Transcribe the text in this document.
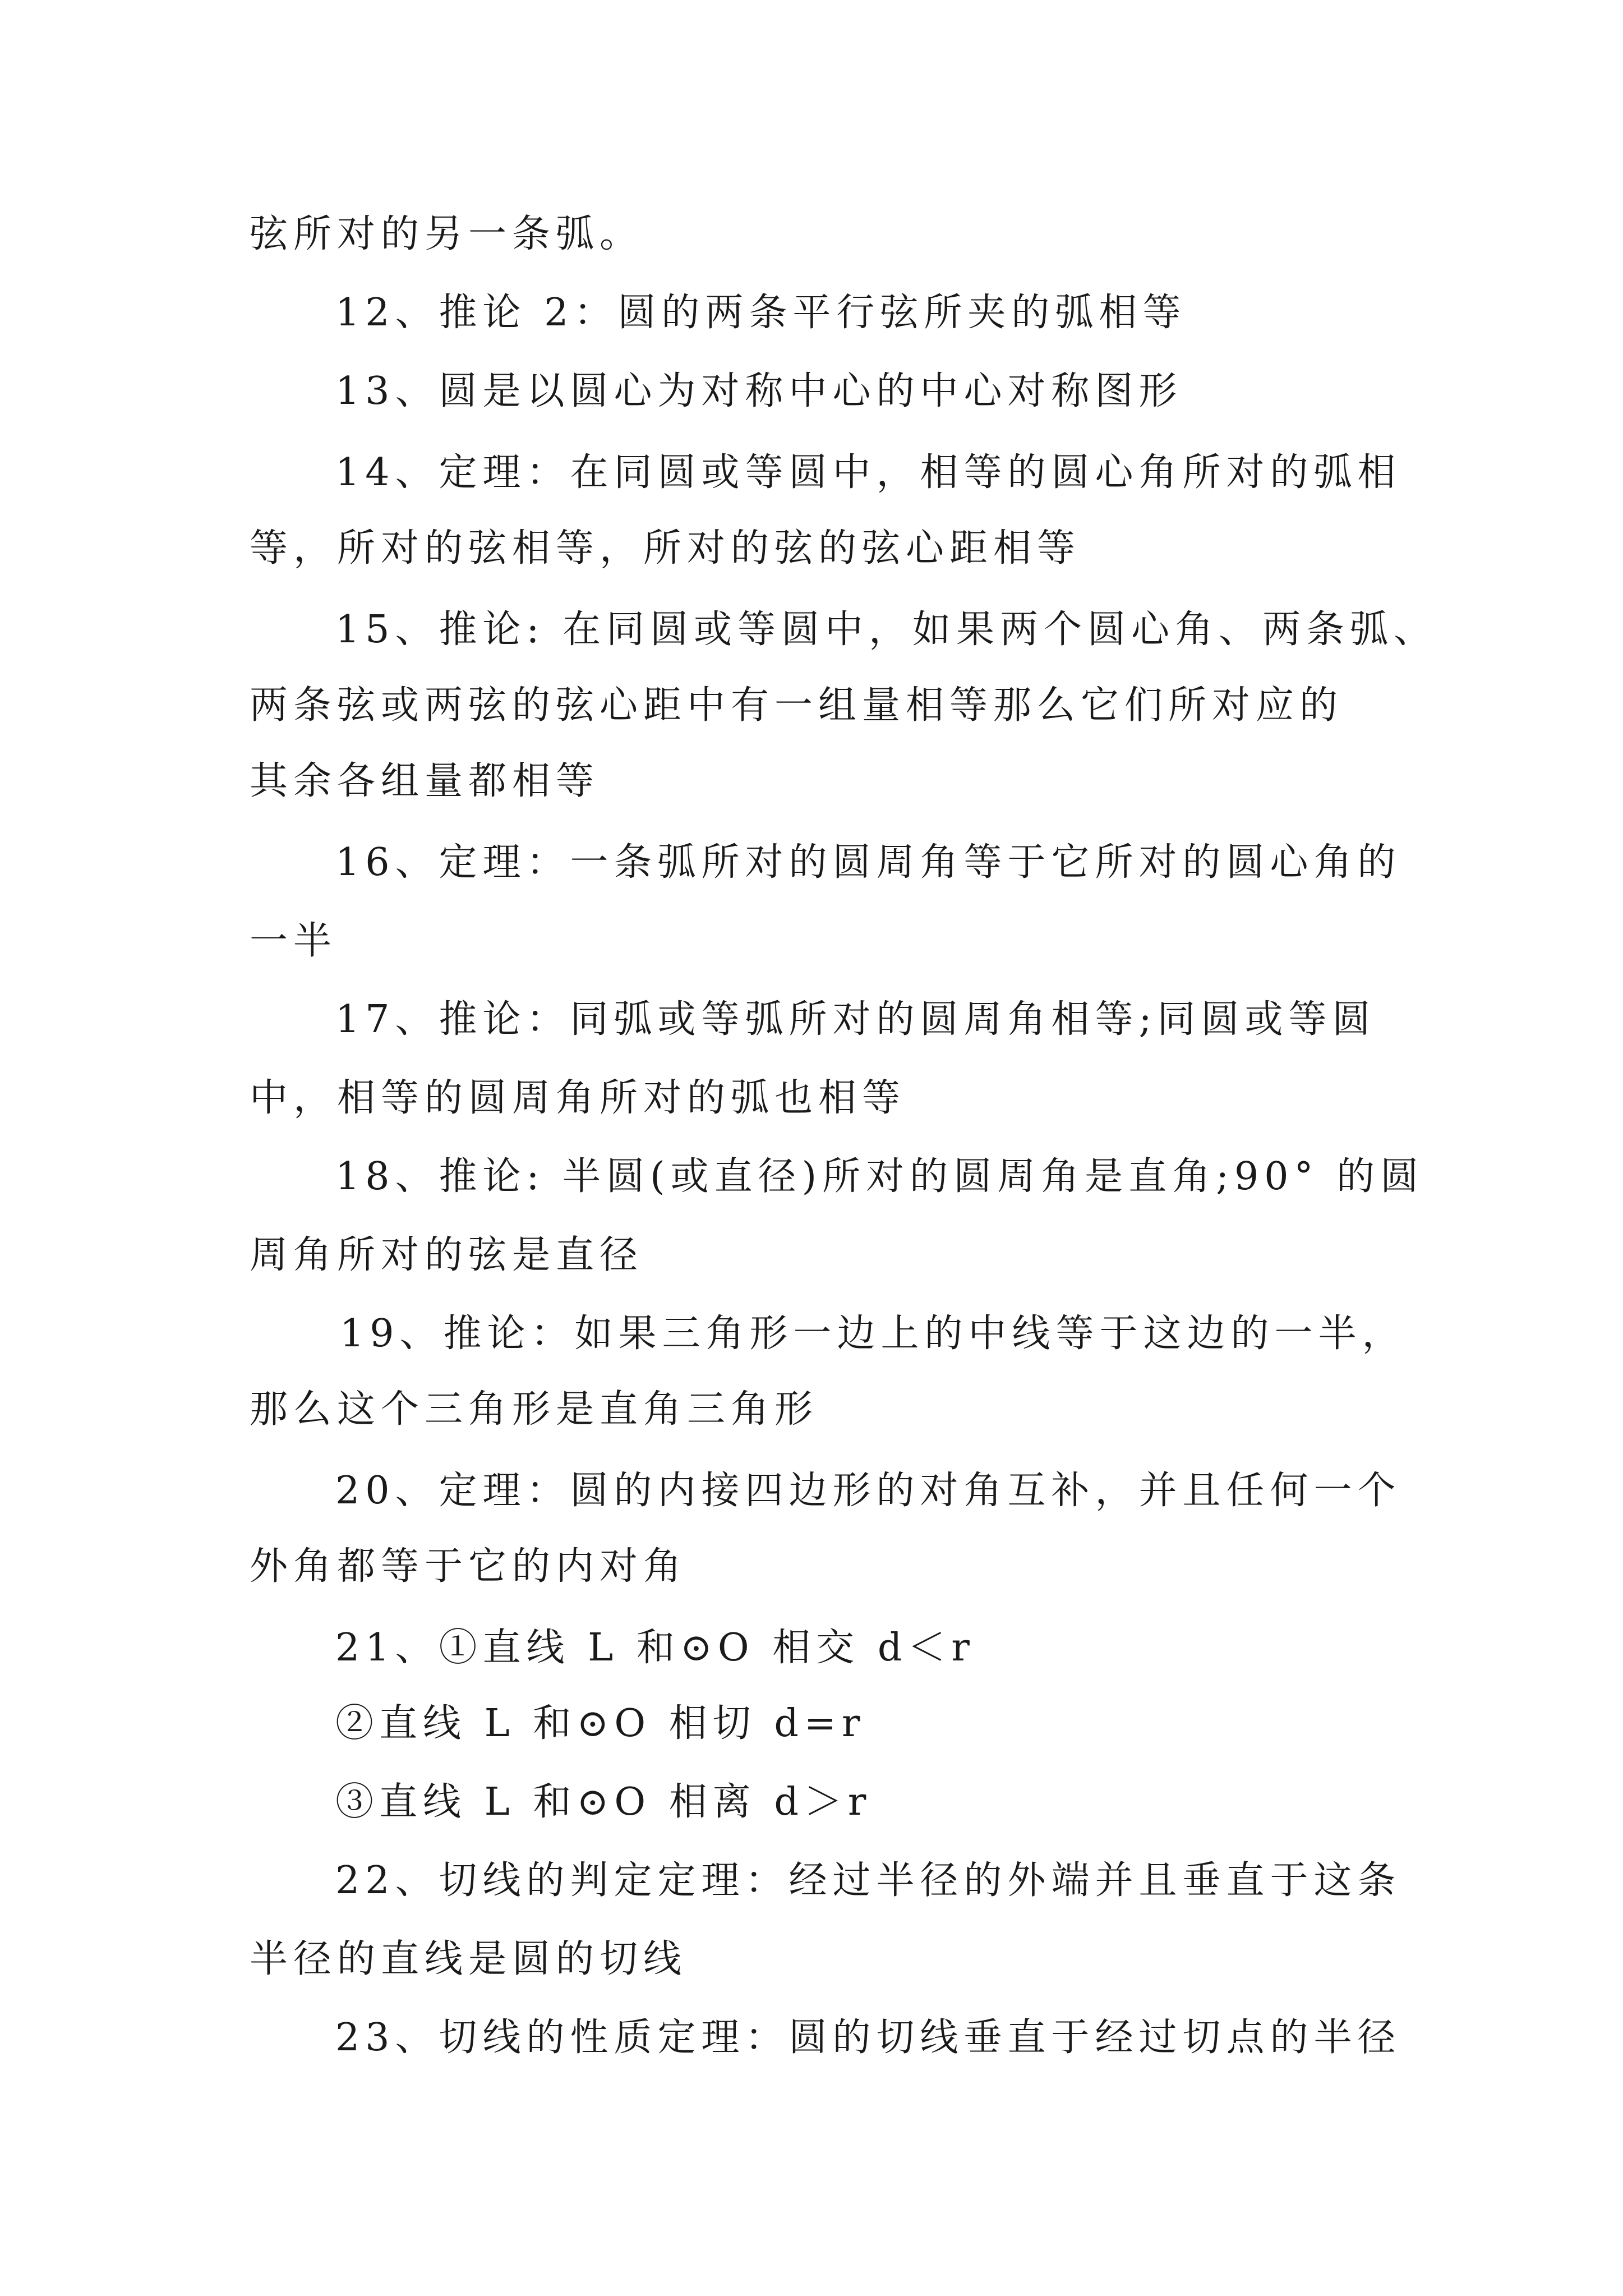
弦所对的另一条弧。

12、推论 2：圆的两条平行弦所夹的弧相等

13、圆是以圆心为对称中心的中心对称图形

14、定理：在同圆或等圆中，相等的圆心角所对的弧相

等，所对的弦相等，所对的弦的弦心距相等

15、推论: 在同圆或等圆中，如果两个圆心角、两条弧、

两条弦或两弦的弦心距中有一组量相等那么它们所对应的

其余各组量都相等

16、定理：一条弧所对的圆周角等于它所对的圆心角的

一半

17、推论：同弧或等弧所对的圆周角相等;同圆或等圆

中，相等的圆周角所对的弧也相等

18、推论: 半圆(或直径)所对的圆周角是直角;90° 的圆

周角所对的弦是直径

19、推论：如果三角形一边上的中线等于这边的一半，

那么这个三角形是直角三角形

20、定理：圆的内接四边形的对角互补，并且任何一个

外角都等于它的内对角

21、①直线 L 和⊙O 相交 d＜r

②直线 L 和⊙O 相切 d=r

③直线 L 和⊙O 相离 d＞r

22、切线的判定定理：经过半径的外端并且垂直于这条

半径的直线是圆的切线

23、切线的性质定理：圆的切线垂直于经过切点的半径
